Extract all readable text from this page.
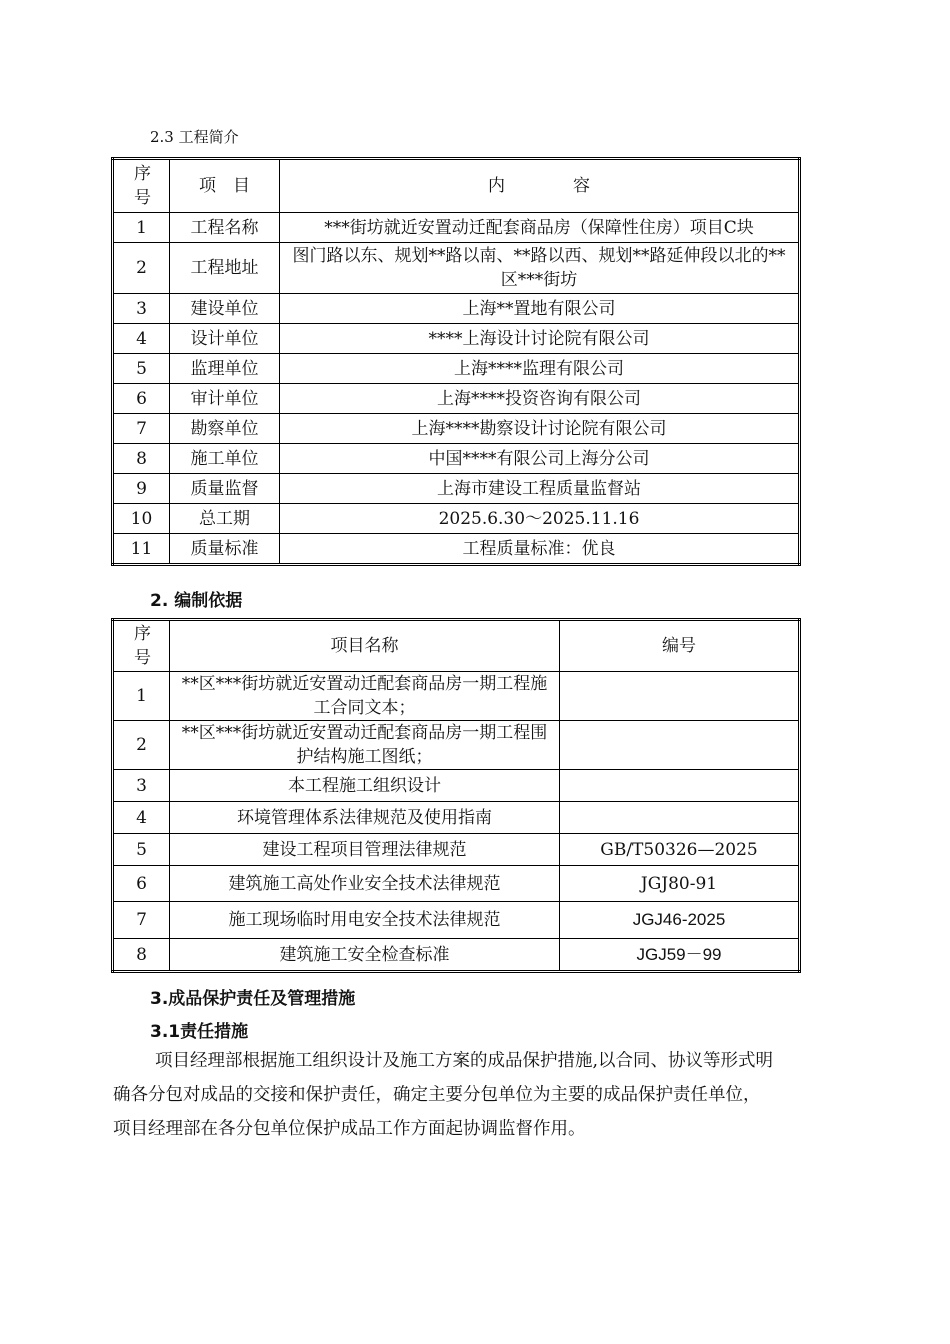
2.3 工程简介
序号	项　目	内　　　　容
1	工程名称	***街坊就近安置动迁配套商品房（保障性住房）项目C块
2	工程地址	图门路以东、规划**路以南、**路以西、规划**路延伸段以北的**区***街坊
3	建设单位	上海**置地有限公司
4	设计单位	****上海设计讨论院有限公司
5	监理单位	上海****监理有限公司
6	审计单位	上海****投资咨询有限公司
7	勘察单位	上海****勘察设计讨论院有限公司
8	施工单位	中国****有限公司上海分公司
9	质量监督	上海市建设工程质量监督站
10	总工期	2025.6.30～2025.11.16
11	质量标准	工程质量标准：优良
2. 编制依据
序号	项目名称	编号
1	**区***街坊就近安置动迁配套商品房一期工程施工合同文本；	
2	**区***街坊就近安置动迁配套商品房一期工程围护结构施工图纸；	
3	本工程施工组织设计	
4	环境管理体系法律规范及使用指南	
5	建设工程项目管理法律规范	GB/T50326—2025
6	建筑施工高处作业安全技术法律规范	JGJ80-91
7	施工现场临时用电安全技术法律规范	JGJ46-2025
8	建筑施工安全检查标准	JGJ59－99
3.成品保护责任及管理措施
3.1责任措施
项目经理部根据施工组织设计及施工方案的成品保护措施,以合同、协议等形式明
确各分包对成品的交接和保护责任，确定主要分包单位为主要的成品保护责任单位，
项目经理部在各分包单位保护成品工作方面起协调监督作用。
